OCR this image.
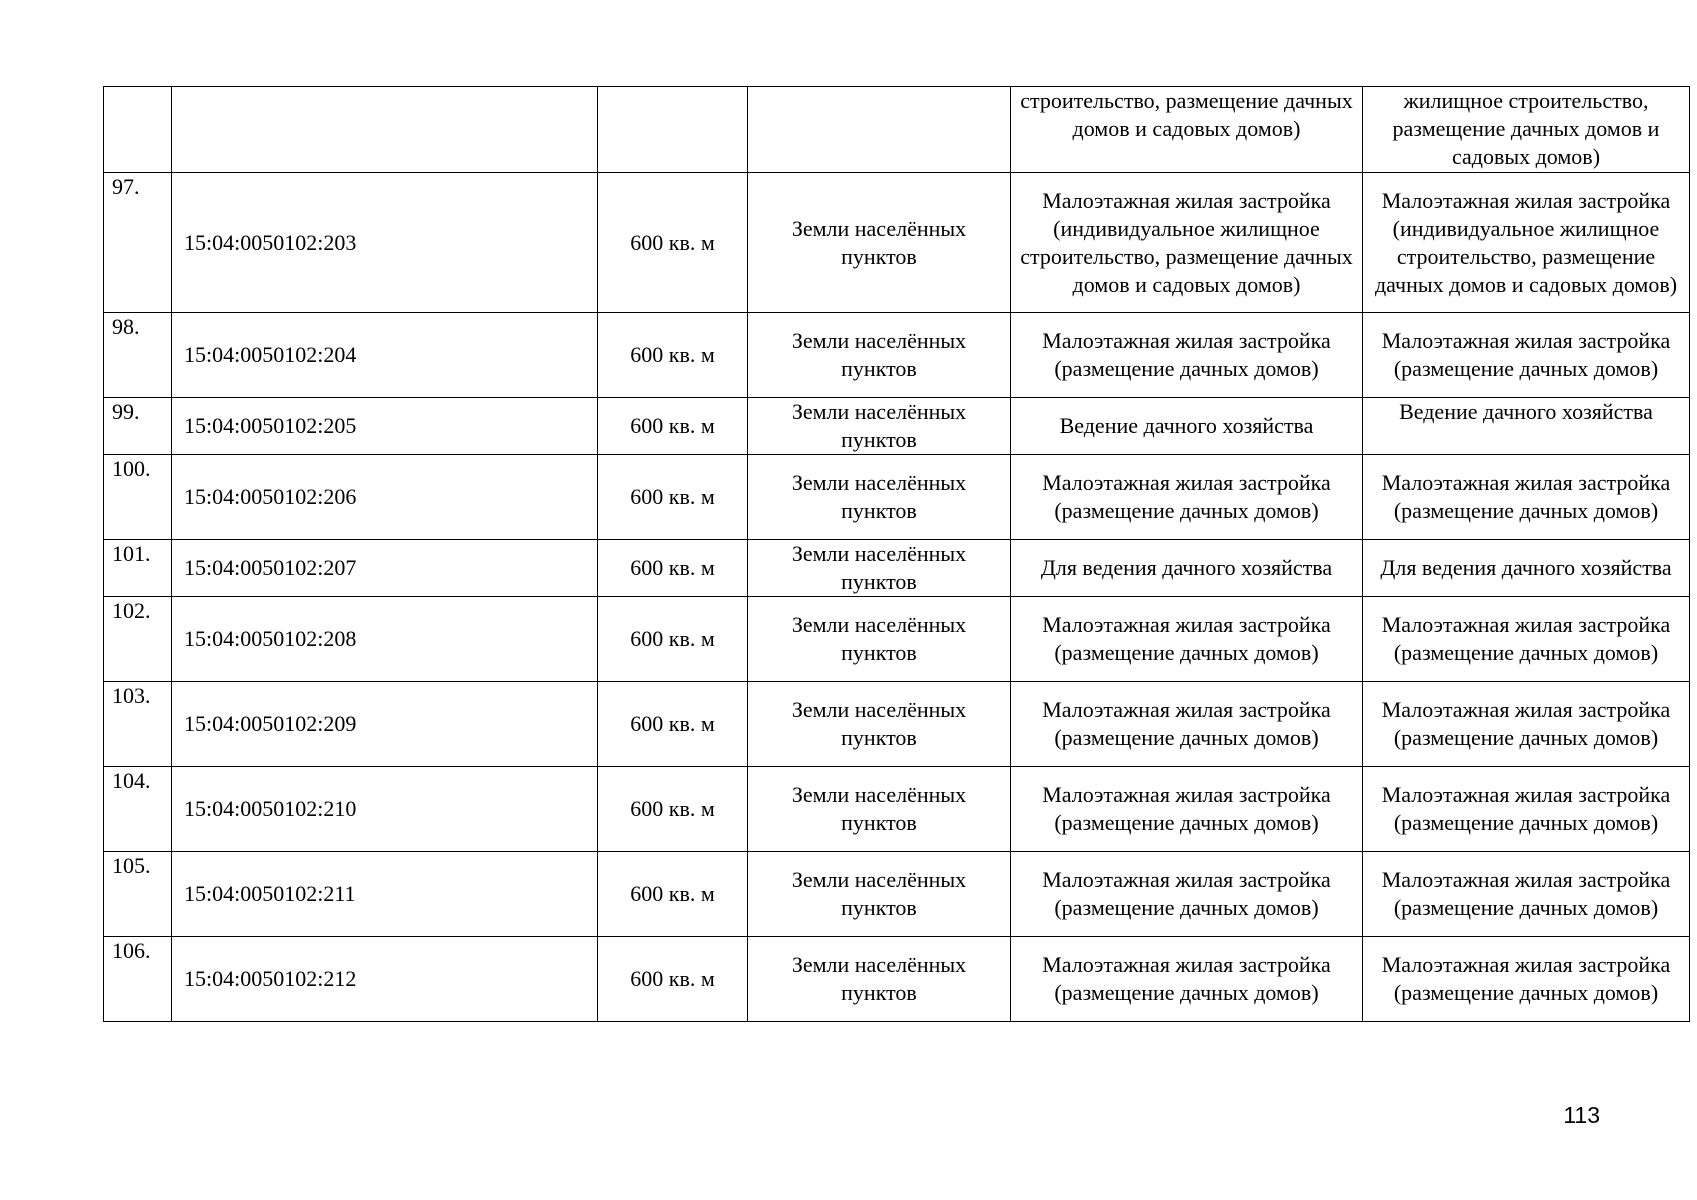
				строительство, размещение дачных домов и садовых домов)	жилищное строительство, размещение дачных домов и садовых домов)
97.	15:04:0050102:203	600 кв. м	Земли населённых пунктов	Малоэтажная жилая застройка (индивидуальное жилищное строительство, размещение дачных домов и садовых домов)	Малоэтажная жилая застройка (индивидуальное жилищное строительство, размещение дачных домов и садовых домов)
98.	15:04:0050102:204	600 кв. м	Земли населённых пунктов	Малоэтажная жилая застройка (размещение дачных домов)	Малоэтажная жилая застройка (размещение дачных домов)
99.	15:04:0050102:205	600 кв. м	Земли населённых пунктов	Ведение дачного хозяйства	Ведение дачного хозяйства
100.	15:04:0050102:206	600 кв. м	Земли населённых пунктов	Малоэтажная жилая застройка (размещение дачных домов)	Малоэтажная жилая застройка (размещение дачных домов)
101.	15:04:0050102:207	600 кв. м	Земли населённых пунктов	Для ведения дачного хозяйства	Для ведения дачного хозяйства
102.	15:04:0050102:208	600 кв. м	Земли населённых пунктов	Малоэтажная жилая застройка (размещение дачных домов)	Малоэтажная жилая застройка (размещение дачных домов)
103.	15:04:0050102:209	600 кв. м	Земли населённых пунктов	Малоэтажная жилая застройка (размещение дачных домов)	Малоэтажная жилая застройка (размещение дачных домов)
104.	15:04:0050102:210	600 кв. м	Земли населённых пунктов	Малоэтажная жилая застройка (размещение дачных домов)	Малоэтажная жилая застройка (размещение дачных домов)
105.	15:04:0050102:211	600 кв. м	Земли населённых пунктов	Малоэтажная жилая застройка (размещение дачных домов)	Малоэтажная жилая застройка (размещение дачных домов)
106.	15:04:0050102:212	600 кв. м	Земли населённых пунктов	Малоэтажная жилая застройка (размещение дачных домов)	Малоэтажная жилая застройка (размещение дачных домов)
113
